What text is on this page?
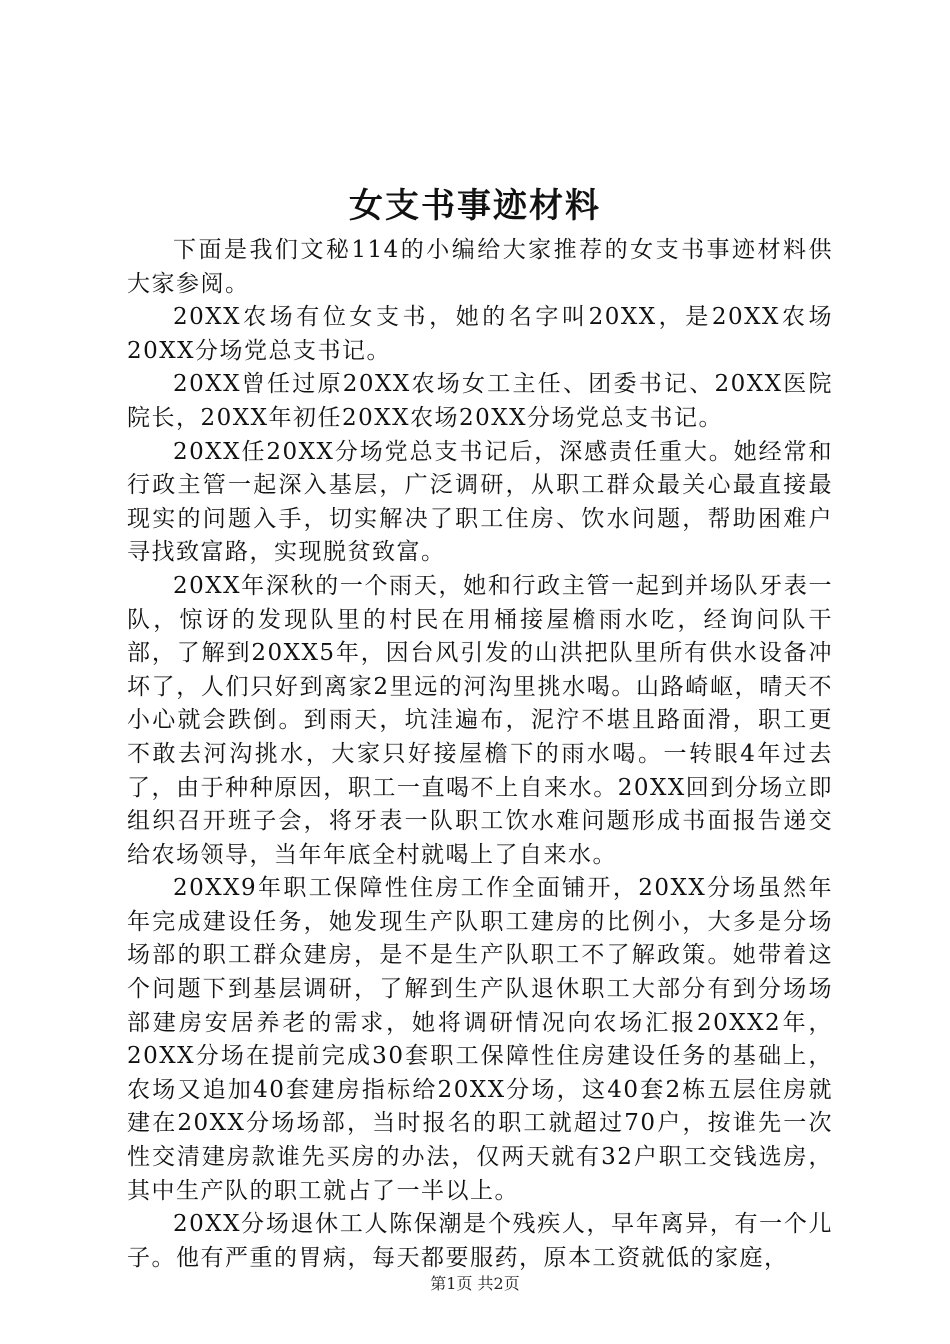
女支书事迹材料

下面是我们文秘114的小编给大家推荐的女支书事迹材料供大家参阅。

20XX农场有位女支书，她的名字叫20XX，是20XX农场20XX分场党总支书记。

20XX曾任过原20XX农场女工主任、团委书记、20XX医院院长，20XX年初任20XX农场20XX分场党总支书记。

20XX任20XX分场党总支书记后，深感责任重大。她经常和行政主管一起深入基层，广泛调研，从职工群众最关心最直接最现实的问题入手，切实解决了职工住房、饮水问题，帮助困难户寻找致富路，实现脱贫致富。

20XX年深秋的一个雨天，她和行政主管一起到并场队牙表一队，惊讶的发现队里的村民在用桶接屋檐雨水吃，经询问队干部，了解到20XX5年，因台风引发的山洪把队里所有供水设备冲坏了，人们只好到离家2里远的河沟里挑水喝。山路崎岖，晴天不小心就会跌倒。到雨天，坑洼遍布，泥泞不堪且路面滑，职工更不敢去河沟挑水，大家只好接屋檐下的雨水喝。一转眼4年过去了，由于种种原因，职工一直喝不上自来水。20XX回到分场立即组织召开班子会，将牙表一队职工饮水难问题形成书面报告递交给农场领导，当年年底全村就喝上了自来水。

20XX9年职工保障性住房工作全面铺开，20XX分场虽然年年完成建设任务，她发现生产队职工建房的比例小，大多是分场场部的职工群众建房，是不是生产队职工不了解政策。她带着这个问题下到基层调研，了解到生产队退休职工大部分有到分场场部建房安居养老的需求，她将调研情况向农场汇报20XX2年，20XX分场在提前完成30套职工保障性住房建设任务的基础上，农场又追加40套建房指标给20XX分场，这40套2栋五层住房就建在20XX分场场部，当时报名的职工就超过70户，按谁先一次性交清建房款谁先买房的办法，仅两天就有32户职工交钱选房，其中生产队的职工就占了一半以上。

20XX分场退休工人陈保潮是个残疾人，早年离异，有一个儿子。他有严重的胃病，每天都要服药，原本工资就低的家庭，

第1页 共2页
